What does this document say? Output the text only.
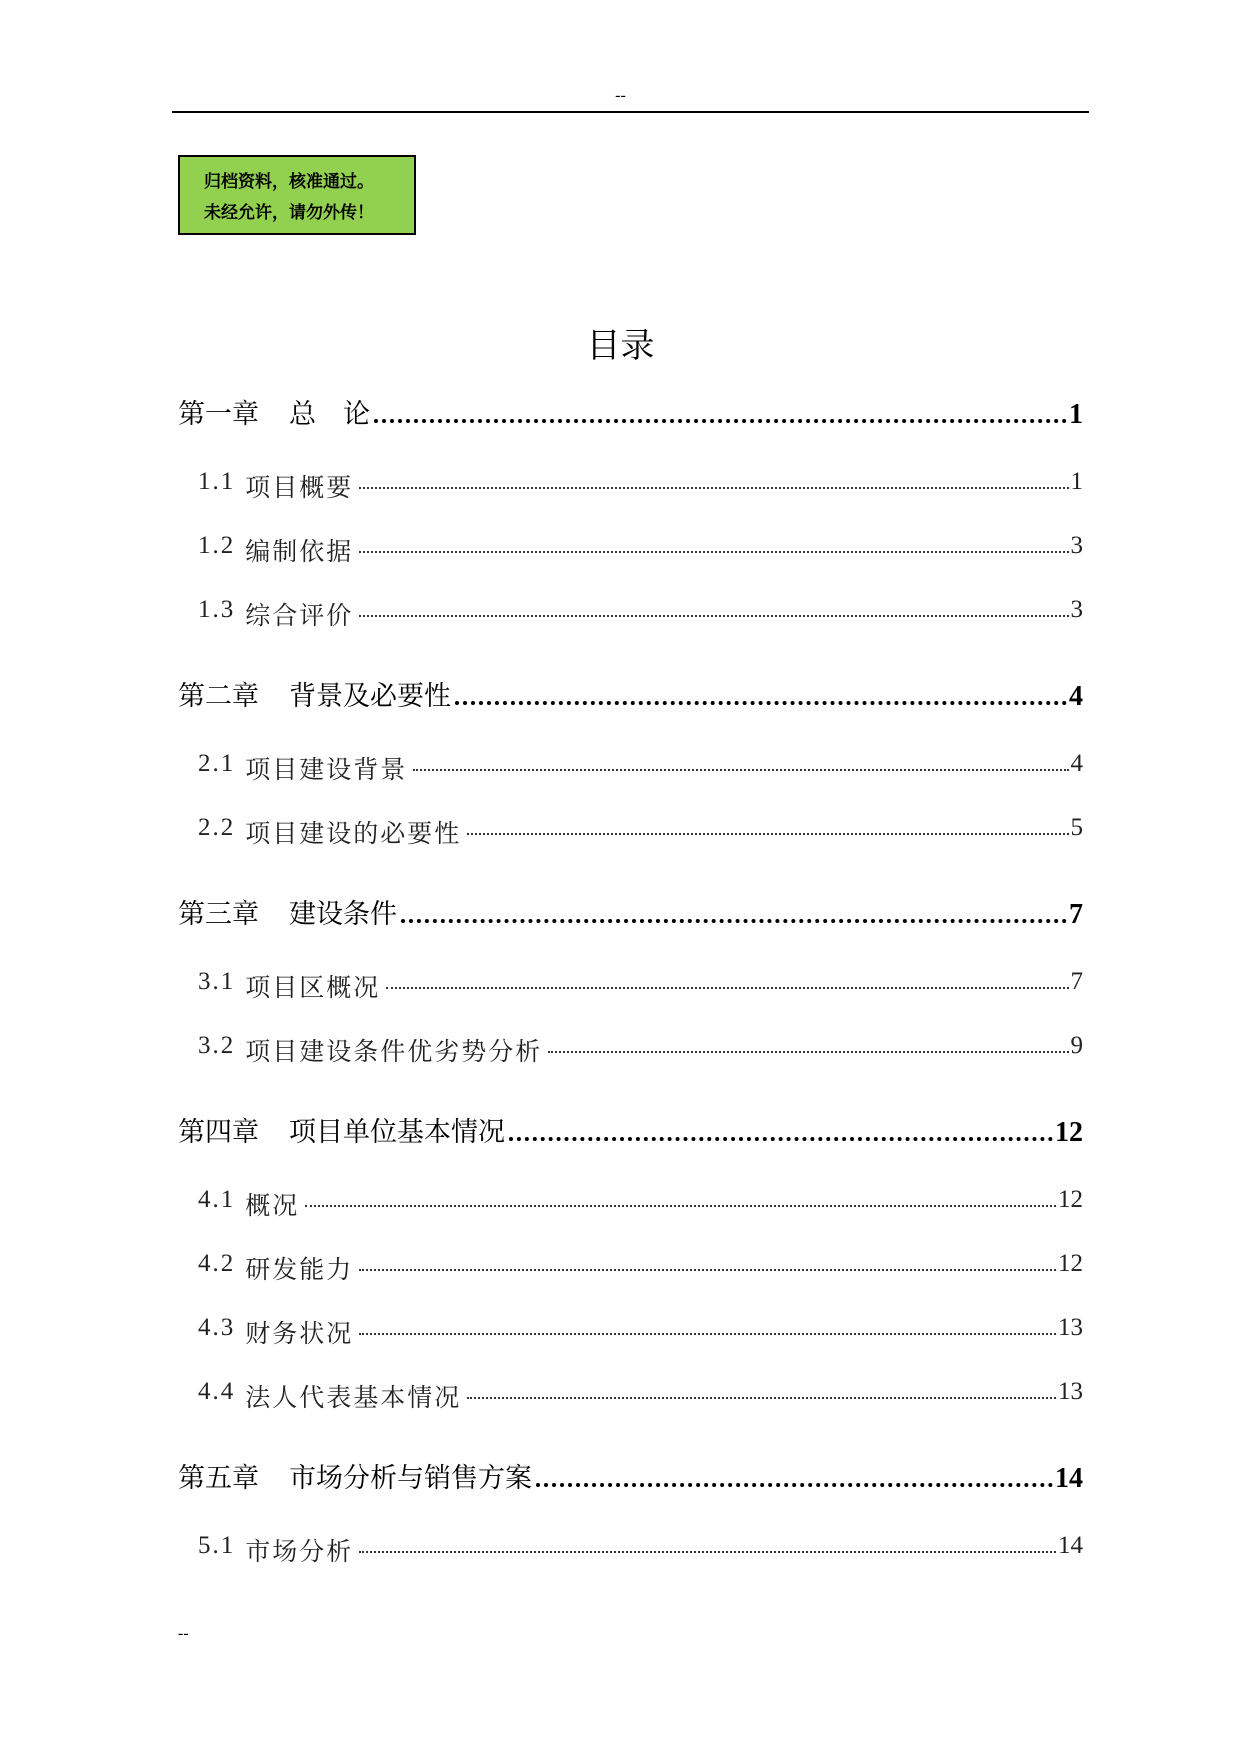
--
归档资料，核准通过。
未经允许，请勿外传！
目录
第一章 总　论	1
1.1 项目概要	1
1.2 编制依据	3
1.3 综合评价	3
第二章 背景及必要性	4
2.1 项目建设背景	4
2.2 项目建设的必要性	5
第三章 建设条件	7
3.1 项目区概况	7
3.2 项目建设条件优劣势分析	9
第四章 项目单位基本情况	12
4.1 概况	12
4.2 研发能力	12
4.3 财务状况	13
4.4 法人代表基本情况	13
第五章 市场分析与销售方案	14
5.1 市场分析	14
--
